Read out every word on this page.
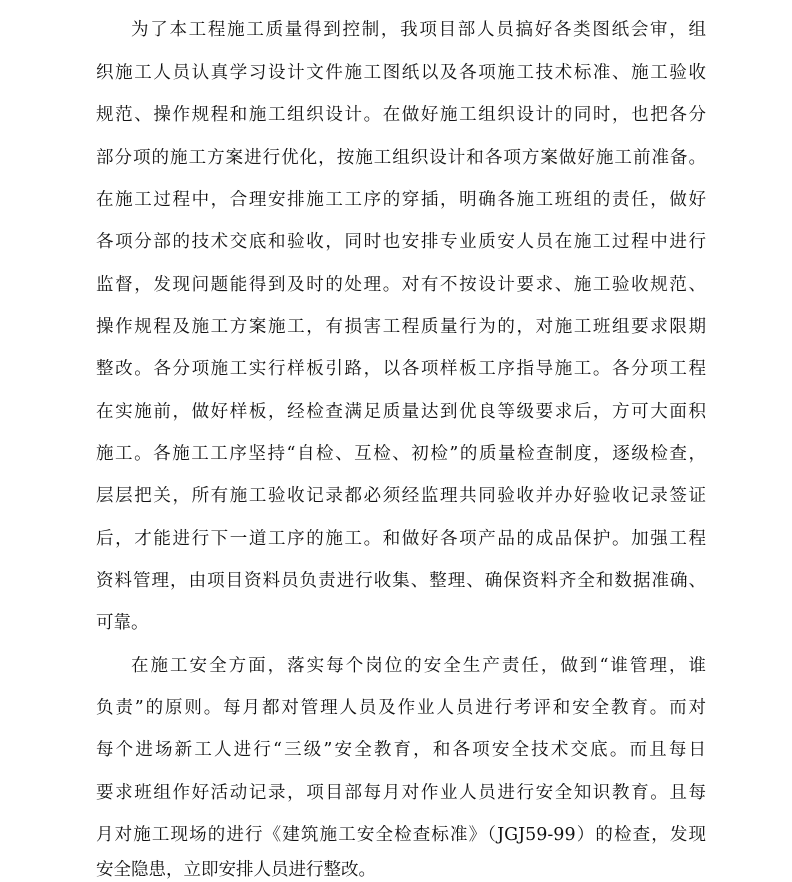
为了本工程施工质量得到控制，我项目部人员搞好各类图纸会审，组
织施工人员认真学习设计文件施工图纸以及各项施工技术标准、施工验收
规范、操作规程和施工组织设计。在做好施工组织设计的同时，也把各分
部分项的施工方案进行优化，按施工组织设计和各项方案做好施工前准备。
在施工过程中，合理安排施工工序的穿插，明确各施工班组的责任，做好
各项分部的技术交底和验收，同时也安排专业质安人员在施工过程中进行
监督，发现问题能得到及时的处理。对有不按设计要求、施工验收规范、
操作规程及施工方案施工，有损害工程质量行为的，对施工班组要求限期
整改。各分项施工实行样板引路，以各项样板工序指导施工。各分项工程
在实施前，做好样板，经检查满足质量达到优良等级要求后，方可大面积
施工。各施工工序坚持“自检、互检、初检”的质量检查制度，逐级检查，
层层把关，所有施工验收记录都必须经监理共同验收并办好验收记录签证
后，才能进行下一道工序的施工。和做好各项产品的成品保护。加强工程
资料管理，由项目资料员负责进行收集、整理、确保资料齐全和数据准确、
可靠。
在施工安全方面，落实每个岗位的安全生产责任，做到“谁管理，谁
负责”的原则。每月都对管理人员及作业人员进行考评和安全教育。而对
每个进场新工人进行“三级”安全教育，和各项安全技术交底。而且每日
要求班组作好活动记录，项目部每月对作业人员进行安全知识教育。且每
月对施工现场的进行《建筑施工安全检查标准》（JGJ59-99）的检查，发现
安全隐患，立即安排人员进行整改。
